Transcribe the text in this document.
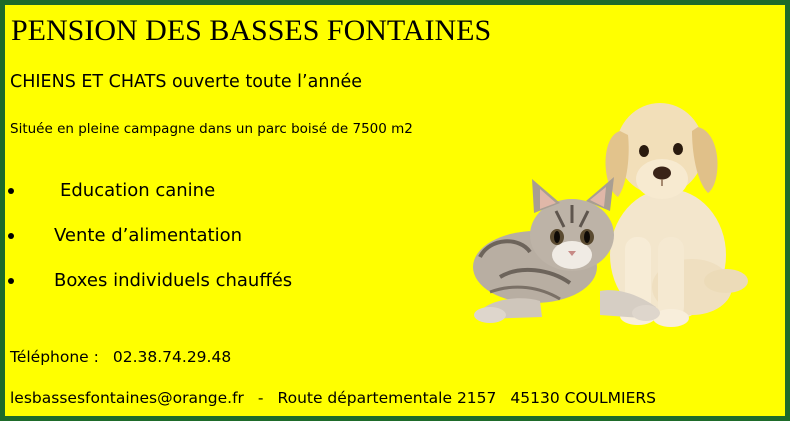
PENSION DES BASSES FONTAINES
CHIENS ET CHATS ouverte toute l’année
Située en pleine campagne dans un parc boisé de 7500 m2
Education canine
Vente d’alimentation
Boxes individuels chauffés
Téléphone : 02.38.74.29.48
lesbassesfontaines@orange.fr - Route départementale 2157 45130 COULMIERS
